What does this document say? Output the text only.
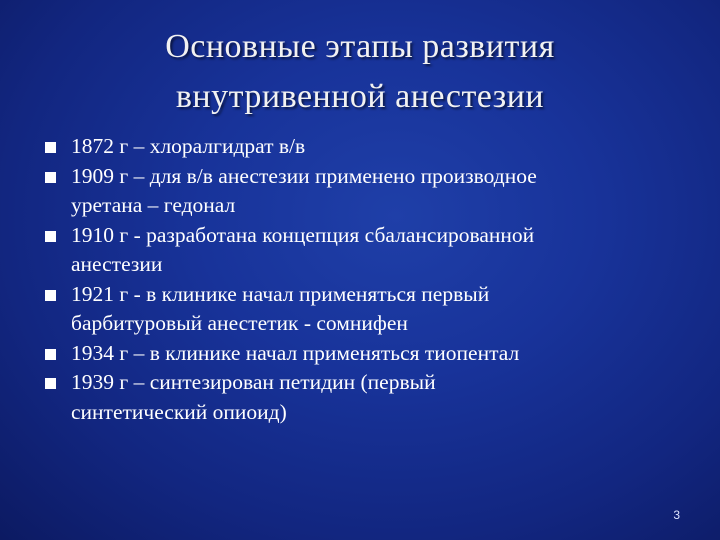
Основные этапы развития
внутривенной анестезии
1872 г – хлоралгидрат в/в
1909 г – для в/в анестезии применено производное
уретана – гедонал
1910 г - разработана концепция сбалансированной
анестезии
1921 г - в клинике начал применяться первый
барбитуровый анестетик - сомнифен
1934 г – в клинике начал применяться тиопентал
1939 г – синтезирован петидин (первый
синтетический опиоид)
3
